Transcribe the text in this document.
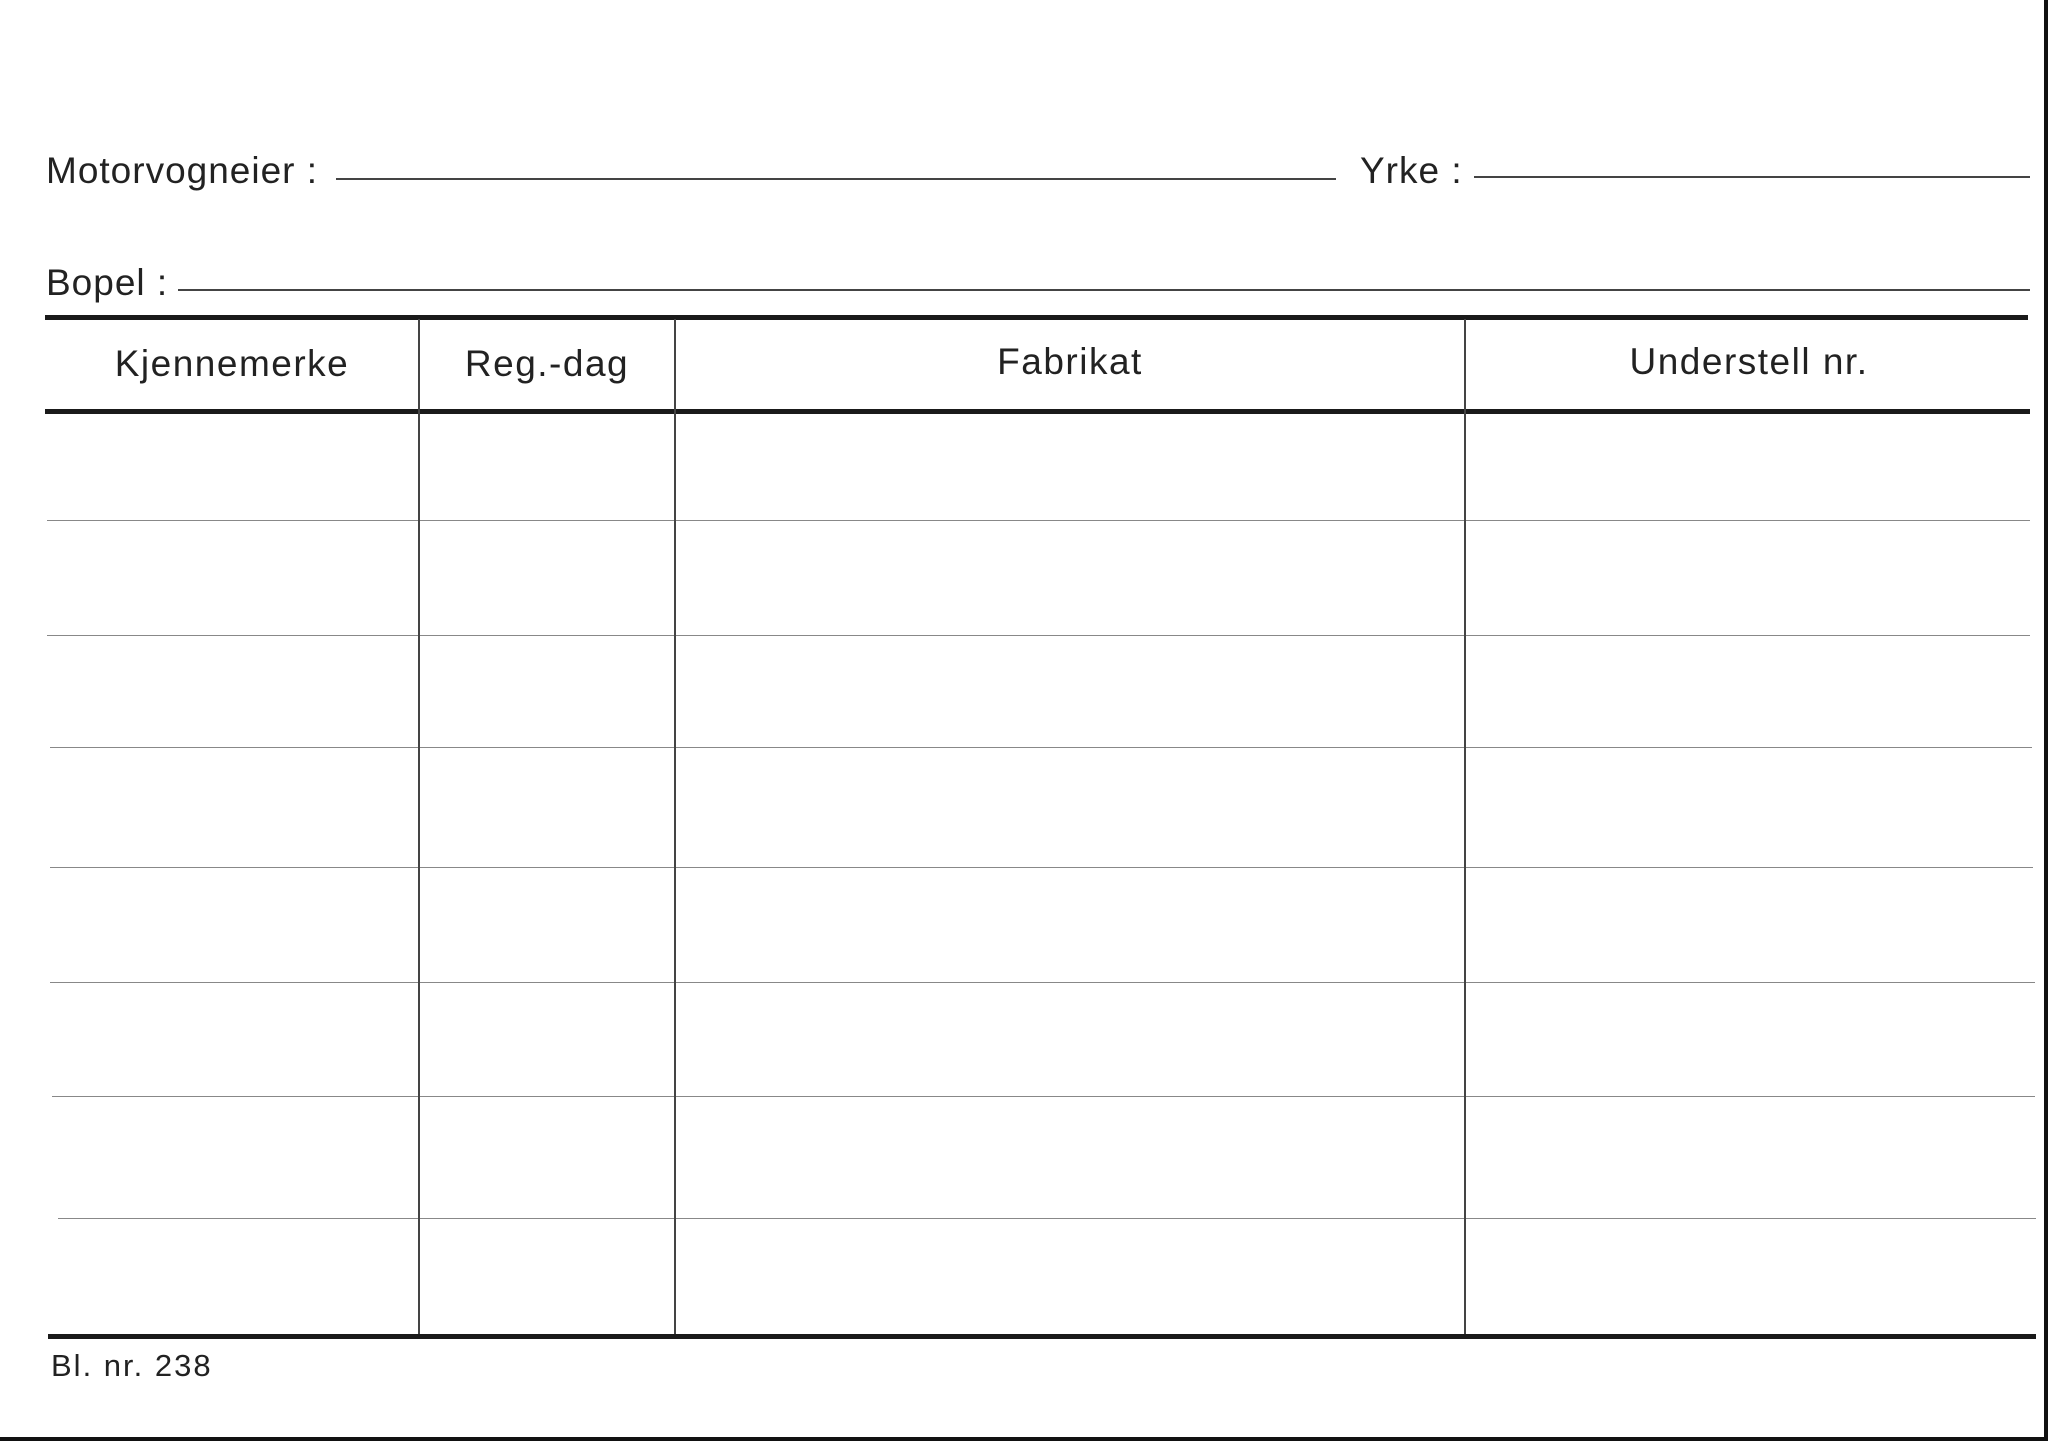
Motorvogneier :	Yrke :
Bopel :
Kjennemerke	Reg.-dag	Fabrikat	Understell nr.
Bl. nr. 238
